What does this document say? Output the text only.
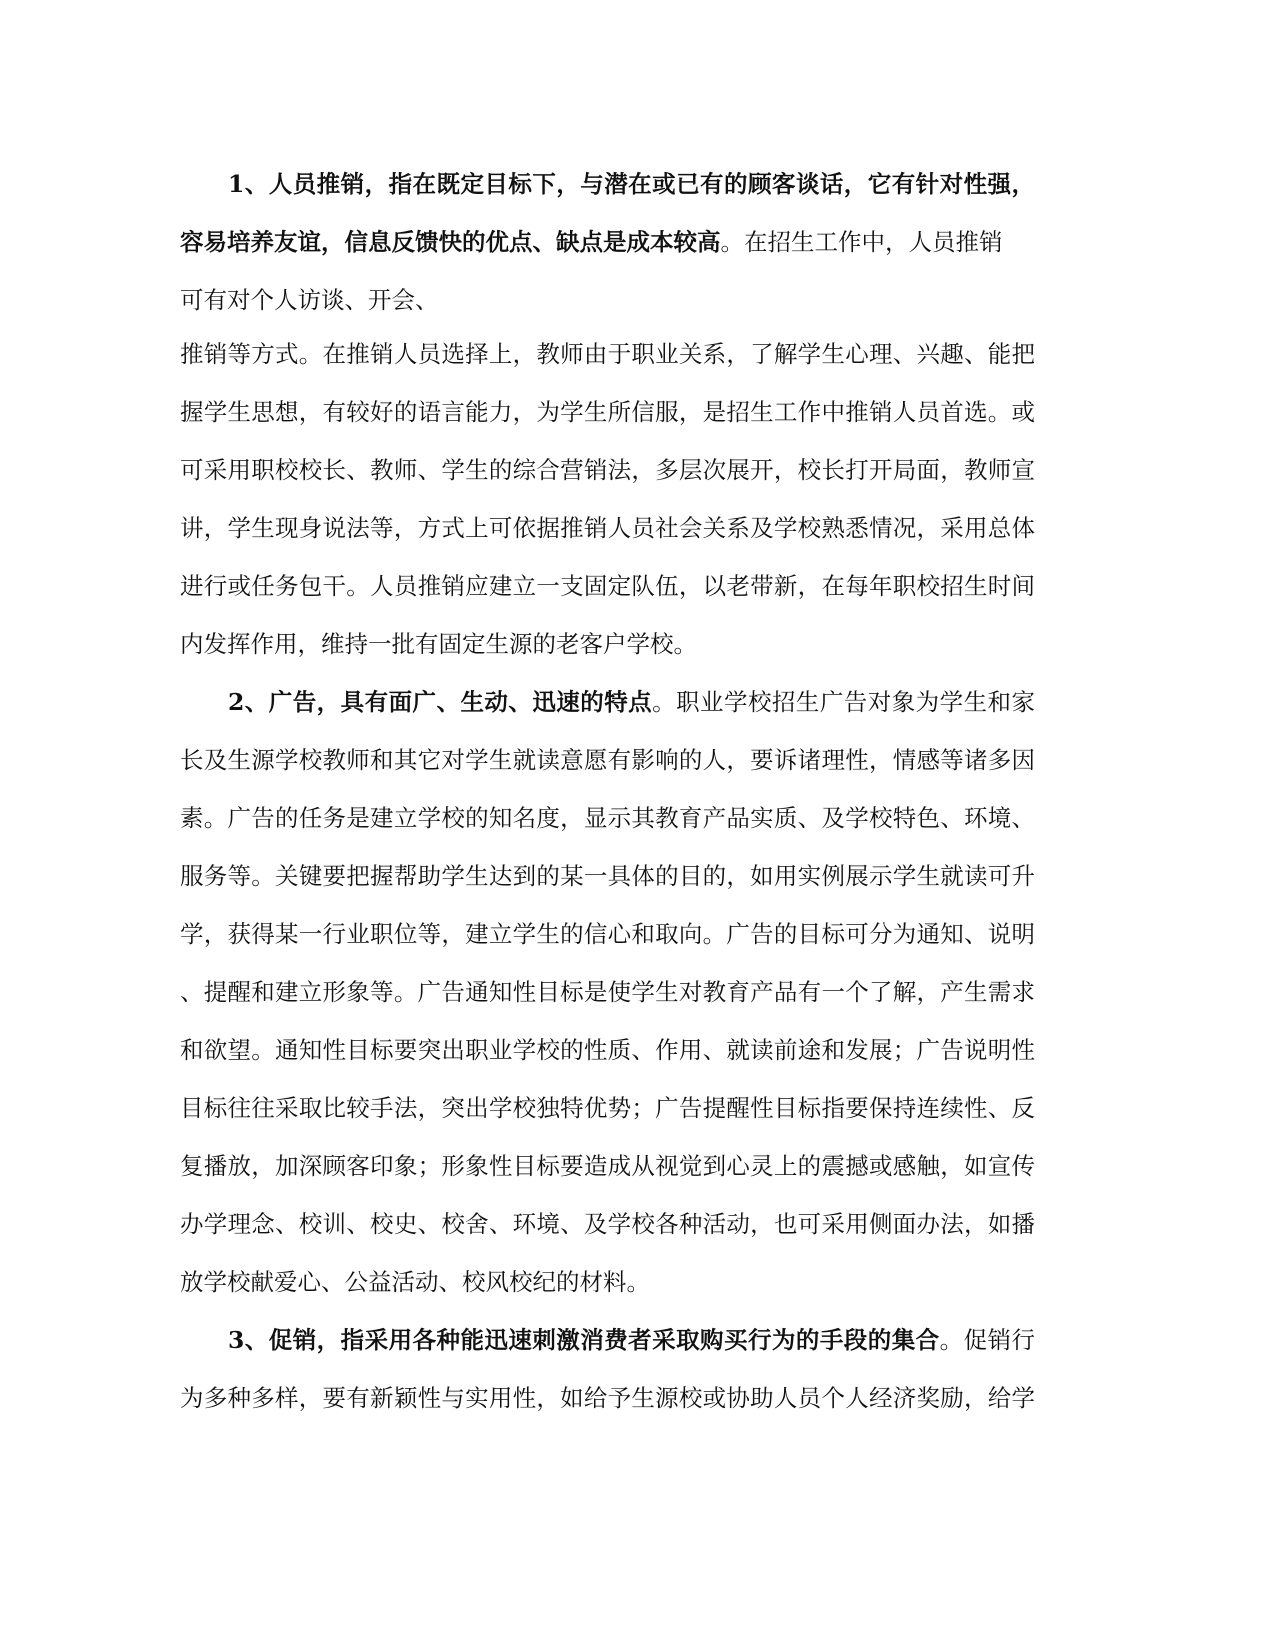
1、人员推销，指在既定目标下，与潜在或已有的顾客谈话，它有针对性强，
容易培养友谊，信息反馈快的优点、缺点是成本较高。在招生工作中，人员推销
可有对个人访谈、开会、
推销等方式。在推销人员选择上，教师由于职业关系，了解学生心理、兴趣、能把
握学生思想，有较好的语言能力，为学生所信服，是招生工作中推销人员首选。或
可采用职校校长、教师、学生的综合营销法，多层次展开，校长打开局面，教师宣
讲，学生现身说法等，方式上可依据推销人员社会关系及学校熟悉情况，采用总体
进行或任务包干。人员推销应建立一支固定队伍，以老带新，在每年职校招生时间
内发挥作用，维持一批有固定生源的老客户学校。
2、广告，具有面广、生动、迅速的特点。职业学校招生广告对象为学生和家
长及生源学校教师和其它对学生就读意愿有影响的人，要诉诸理性，情感等诸多因
素。广告的任务是建立学校的知名度，显示其教育产品实质、及学校特色、环境、
服务等。关键要把握帮助学生达到的某一具体的目的，如用实例展示学生就读可升
学，获得某一行业职位等，建立学生的信心和取向。广告的目标可分为通知、说明
、提醒和建立形象等。广告通知性目标是使学生对教育产品有一个了解，产生需求
和欲望。通知性目标要突出职业学校的性质、作用、就读前途和发展；广告说明性
目标往往采取比较手法，突出学校独特优势；广告提醒性目标指要保持连续性、反
复播放，加深顾客印象；形象性目标要造成从视觉到心灵上的震撼或感触，如宣传
办学理念、校训、校史、校舍、环境、及学校各种活动，也可采用侧面办法，如播
放学校献爱心、公益活动、校风校纪的材料。
3、促销，指采用各种能迅速刺激消费者采取购买行为的手段的集合。促销行
为多种多样，要有新颖性与实用性，如给予生源校或协助人员个人经济奖励，给学
